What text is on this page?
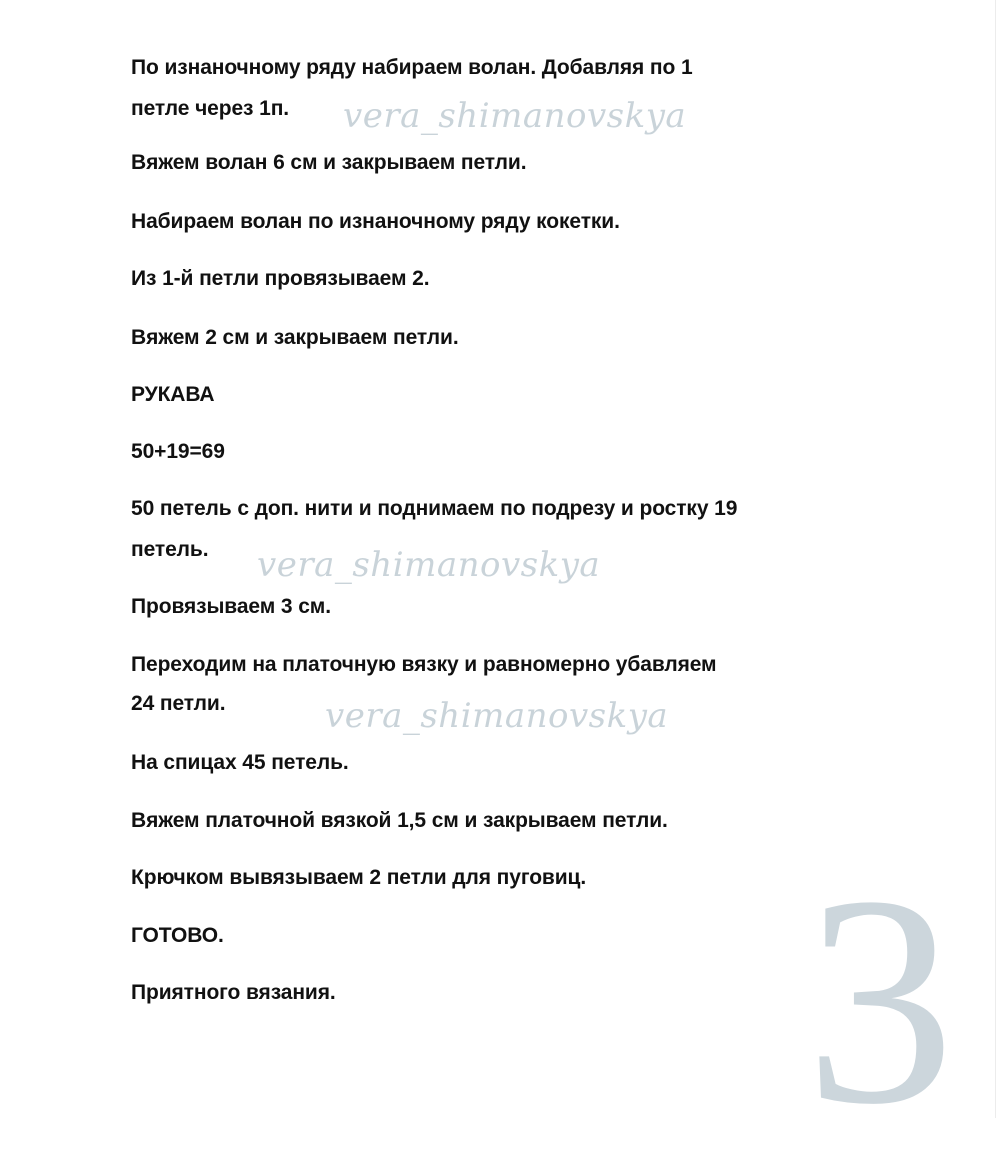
По изнаночному ряду набираем волан. Добавляя по 1

петле через 1п. vera_shimanovskya

Вяжем волан 6 см и закрываем петли.

Набираем волан по изнаночному ряду кокетки.

Из 1-й петли провязываем 2.

Вяжем 2 см и закрываем петли.

РУКАВА

50+19=69

50 петель с доп. нити и поднимаем по подрезу и ростку 19

петель. vera_shimanovskya

Провязываем 3 см.

Переходим на платочную вязку и равномерно убавляем

24 петли.	vera_shimanovskya

На спицах 45 петель.

Вяжем платочной вязкой 1,5 см и закрываем петли.

Крючком вывязываем 2 петли для пуговиц.

ГОТОВО.

Приятного вязания. 3
